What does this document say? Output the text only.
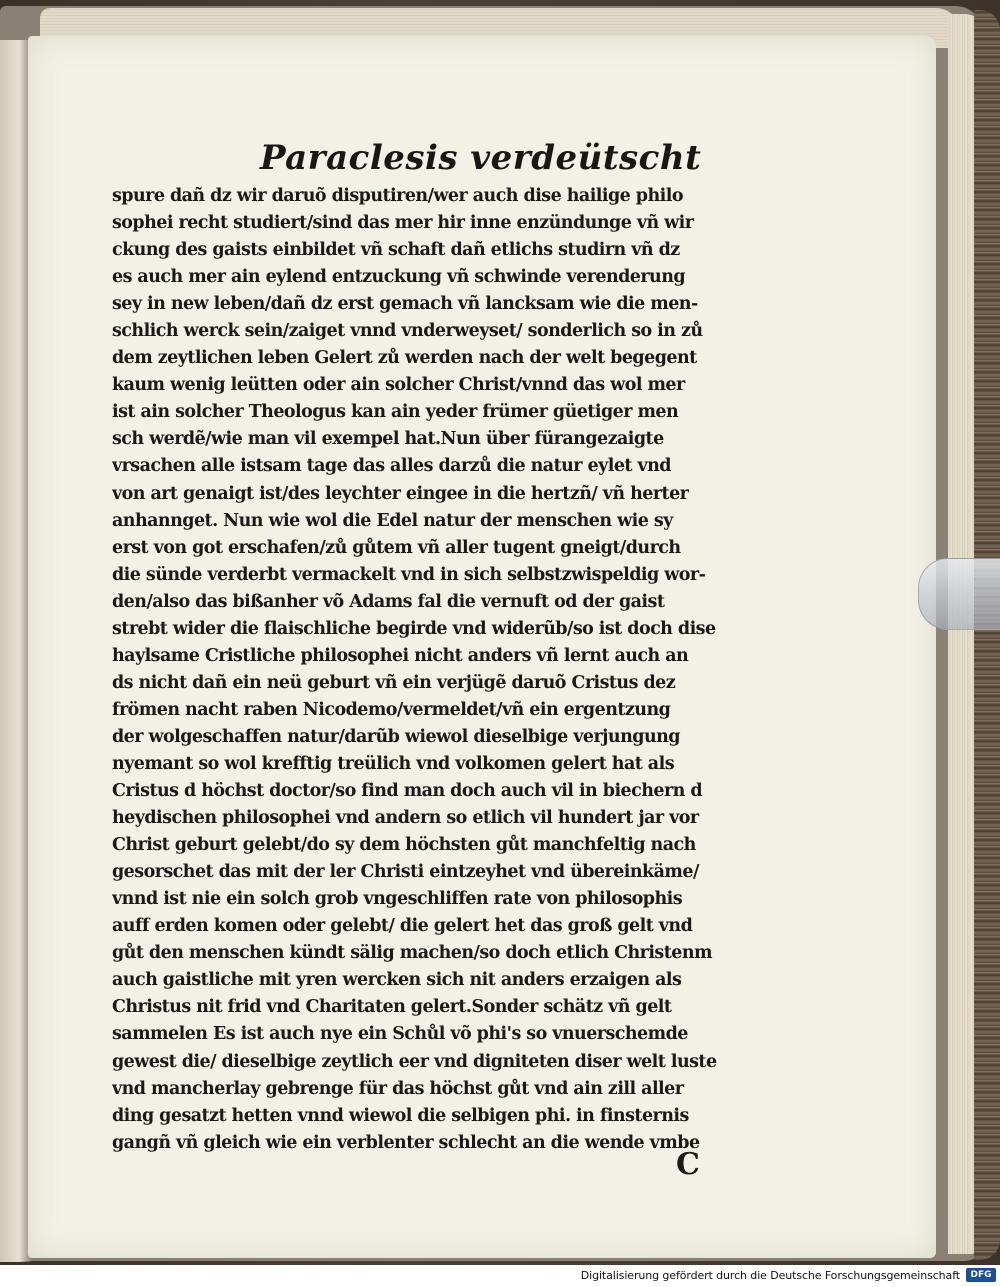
Paraclesis verdeütscht
spure dañ dz wir daruõ disputiren/wer auch dise hailige philo
sophei recht studiert/sind das mer hir inne enzündunge vñ wir
ckung des gaists einbildet vñ schaft dañ etlichs studirn vñ dz
es auch mer ain eylend entzuckung vñ schwinde verenderung
sey in new leben/dañ dz erst gemach vñ lancksam wie die men-
schlich werck sein/zaiget vnnd vnderweyset/ sonderlich so in zů
dem zeytlichen leben Gelert zů werden nach der welt begegent
kaum wenig leütten oder ain solcher Christ/vnnd das wol mer
ist ain solcher Theologus kan ain yeder frümer güetiger men
sch werdẽ/wie man vil exempel hat.Nun über fürangezaigte
vrsachen alle istsam tage das alles darzů die natur eylet vnd
von art genaigt ist/des leychter eingee in die hertzñ/ vñ herter
anhannget. Nun wie wol die Edel natur der menschen wie sy
erst von got erschafen/zů gůtem vñ aller tugent gneigt/durch
die sünde verderbt vermackelt vnd in sich selbstzwispeldig wor-
den/also das bißanher võ Adams fal die vernuft od der gaist
strebt wider die flaischliche begirde vnd widerũb/so ist doch dise
haylsame Cristliche philosophei nicht anders vñ lernt auch an
ds nicht dañ ein neü geburt vñ ein verjügẽ daruõ Cristus dez
frömen nacht raben Nicodemo/vermeldet/vñ ein ergentzung
der wolgeschaffen natur/darũb wiewol dieselbige verjungung
nyemant so wol krefftig treülich vnd volkomen gelert hat als
Cristus d höchst doctor/so find man doch auch vil in biechern d
heydischen philosophei vnd andern so etlich vil hundert jar vor
Christ geburt gelebt/do sy dem höchsten gůt manchfeltig nach
gesorschet das mit der ler Christi eintzeyhet vnd übereinkäme/
vnnd ist nie ein solch grob vngeschliffen rate von philosophis
auff erden komen oder gelebt/ die gelert het das groß gelt vnd
gůt den menschen kündt sälig machen/so doch etlich Christenm
auch gaistliche mit yren wercken sich nit anders erzaigen als
Christus nit frid vnd Charitaten gelert.Sonder schätz vñ gelt
sammelen Es ist auch nye ein Schůl võ phi's so vnuerschemde
gewest die/ dieselbige zeytlich eer vnd digniteten diser welt luste
vnd mancherlay gebrenge für das höchst gůt vnd ain zill aller
ding gesatzt hetten vnnd wiewol die selbigen phi. in finsternis
gangñ vñ gleich wie ein verblenter schlecht an die wende vmbe
C
Digitalisierung gefördert durch die Deutsche Forschungsgemeinschaft	DFG
